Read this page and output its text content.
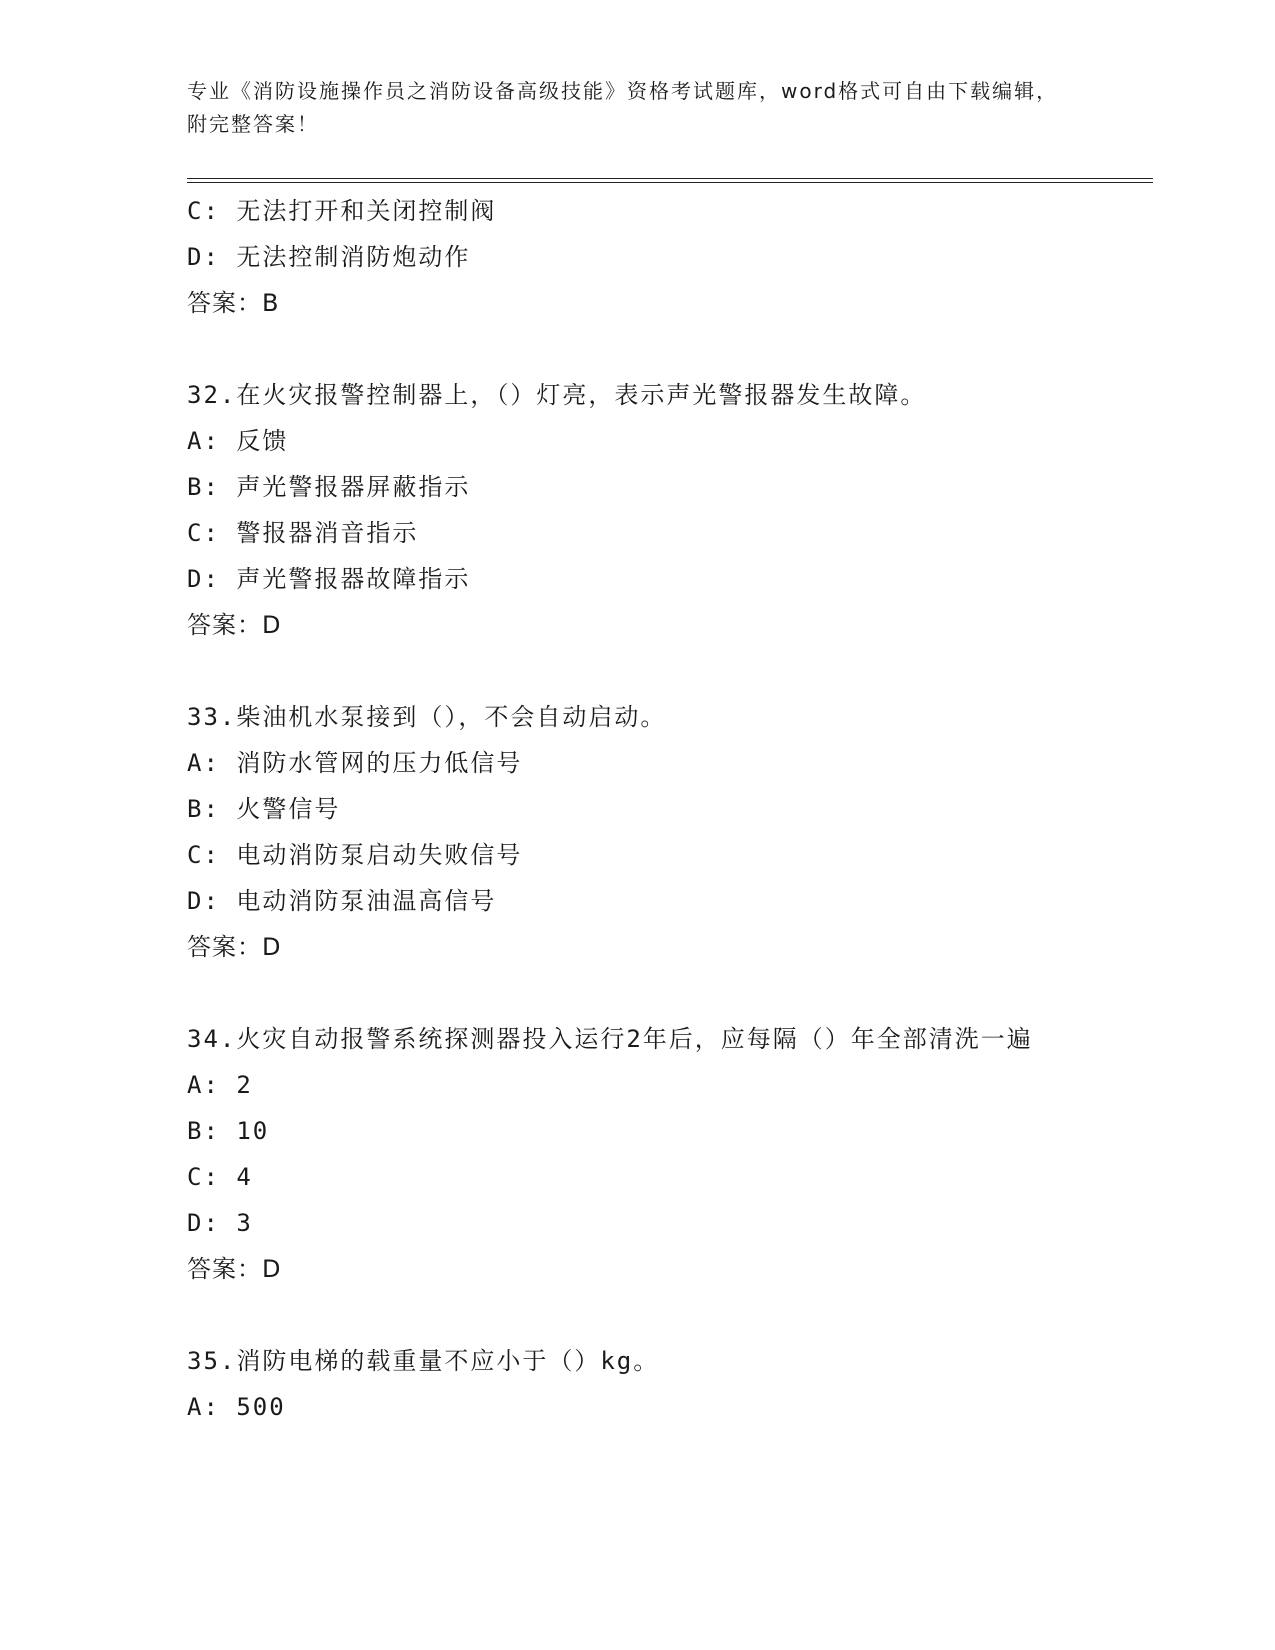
专业《消防设施操作员之消防设备高级技能》资格考试题库，word格式可自由下载编辑，附完整答案！
C: 无法打开和关闭控制阀
D: 无法控制消防炮动作
答案：B
32.在火灾报警控制器上，（）灯亮，表示声光警报器发生故障。
A: 反馈
B: 声光警报器屏蔽指示
C: 警报器消音指示
D: 声光警报器故障指示
答案：D
33.柴油机水泵接到（），不会自动启动。
A: 消防水管网的压力低信号
B: 火警信号
C: 电动消防泵启动失败信号
D: 电动消防泵油温高信号
答案：D
34.火灾自动报警系统探测器投入运行2年后，应每隔（）年全部清洗一遍
A: 2
B: 10
C: 4
D: 3
答案：D
35.消防电梯的载重量不应小于（）kg。
A: 500
